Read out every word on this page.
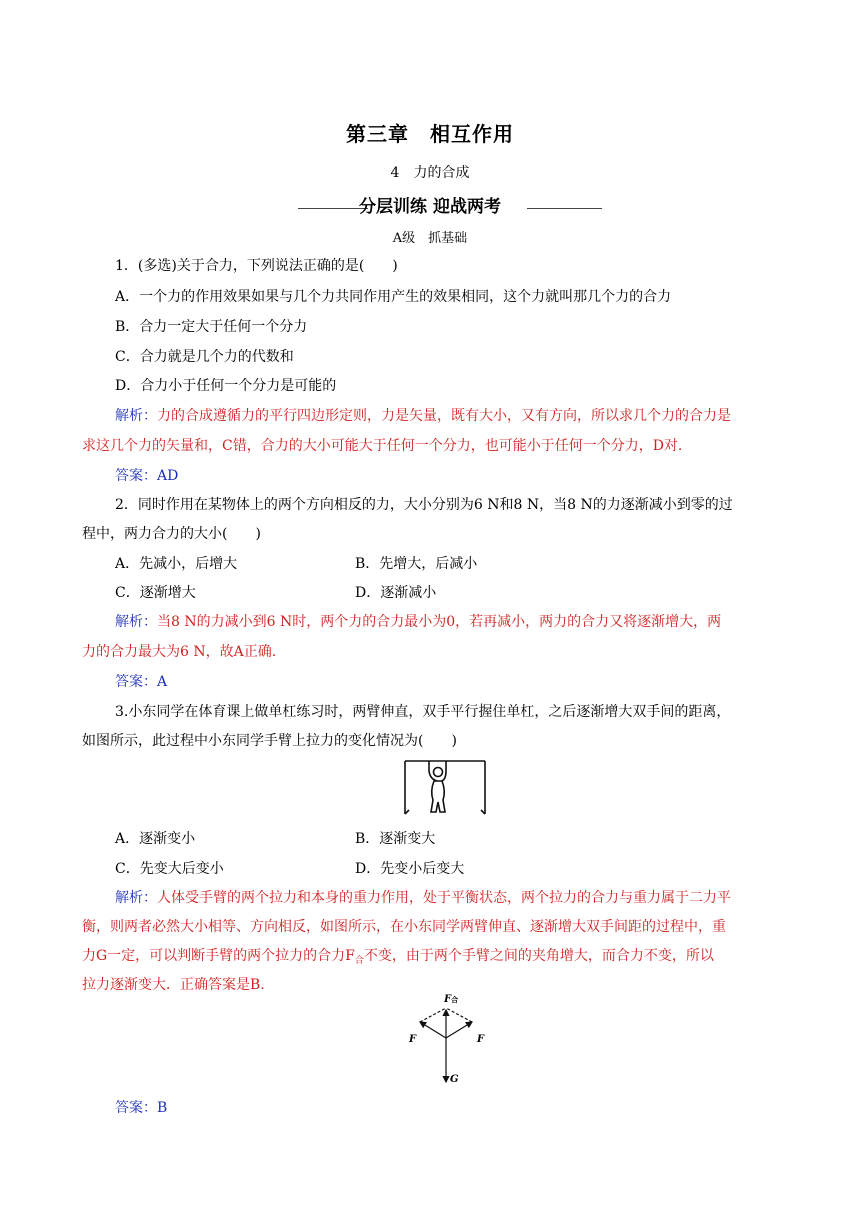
第三章　相互作用
4　力的合成
分层训练 迎战两考
A级　抓基础
1．(多选)关于合力，下列说法正确的是(　　)
A．一个力的作用效果如果与几个力共同作用产生的效果相同，这个力就叫那几个力的合力
B．合力一定大于任何一个分力
C．合力就是几个力的代数和
D．合力小于任何一个分力是可能的
解析：力的合成遵循力的平行四边形定则，力是矢量，既有大小，又有方向，所以求几个力的合力是
求这几个力的矢量和，C错，合力的大小可能大于任何一个分力，也可能小于任何一个分力，D对.
答案：AD
2．同时作用在某物体上的两个方向相反的力，大小分别为6 N和8 N，当8 N的力逐渐减小到零的过
程中，两力合力的大小(　　)
A．先减小，后增大	B．先增大，后减小
C．逐渐增大	D．逐渐减小
解析：当8 N的力减小到6 N时，两个力的合力最小为0，若再减小，两力的合力又将逐渐增大，两
力的合力最大为6 N，故A正确.
答案：A
3.小东同学在体育课上做单杠练习时，两臂伸直，双手平行握住单杠，之后逐渐增大双手间的距离，
如图所示，此过程中小东同学手臂上拉力的变化情况为(　　)
A．逐渐变小	B．逐渐变大
C．先变大后变小	D．先变小后变大
解析：人体受手臂的两个拉力和本身的重力作用，处于平衡状态，两个拉力的合力与重力属于二力平
衡，则两者必然大小相等、方向相反，如图所示，在小东同学两臂伸直、逐渐增大双手间距的过程中，重
力G一定，可以判断手臂的两个拉力的合力$F_合$不变，由于两个手臂之间的夹角增大，而合力不变，所以
拉力逐渐变大．正确答案是B.
F合
F	F
G
答案：B
